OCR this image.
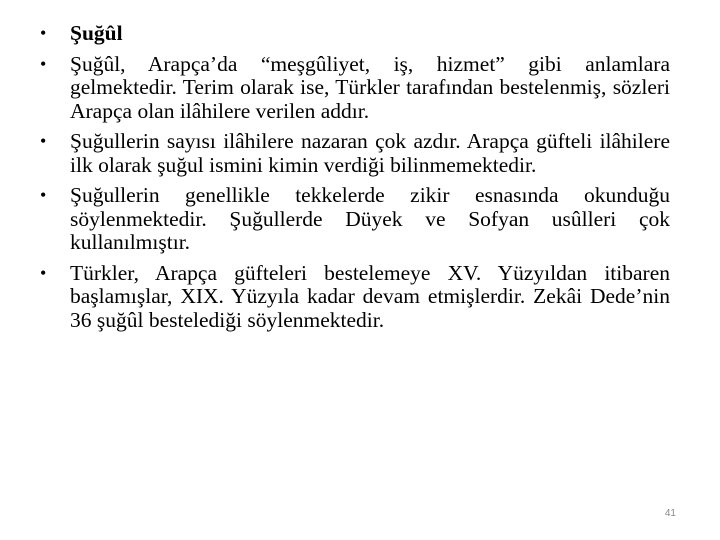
•	Şuğûl
•	Şuğûl, Arapça’da “meşgûliyet, iş, hizmet” gibi anlamlara gelmektedir. Terim olarak ise, Türkler tarafından bestelenmiş, sözleri Arapça olan ilâhilere verilen addır.
•	Şuğullerin sayısı ilâhilere nazaran çok azdır. Arapça güfteli ilâhilere ilk olarak şuğul ismini kimin verdiği bilinmemektedir.
•	Şuğullerin genellikle tekkelerde zikir esnasında okunduğu söylenmektedir. Şuğullerde Düyek ve Sofyan usûlleri çok kullanılmıştır.
•	Türkler, Arapça güfteleri bestelemeye XV. Yüzyıldan itibaren başlamışlar, XIX. Yüzyıla kadar devam etmişlerdir. Zekâi Dede’nin 36 şuğûl bestelediği söylenmektedir.
41
